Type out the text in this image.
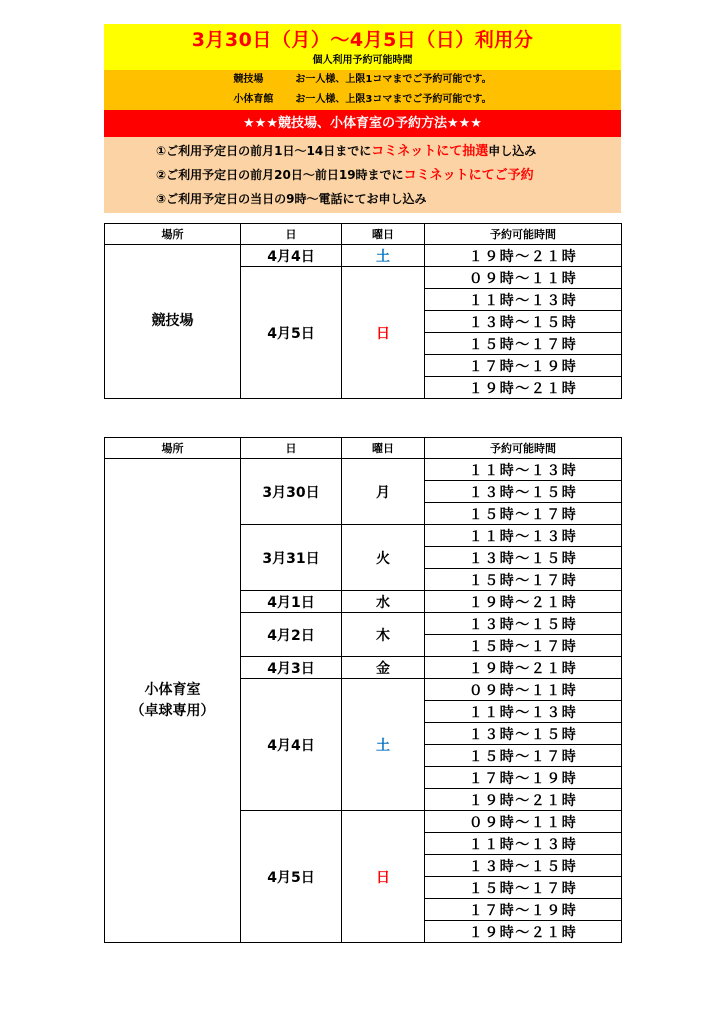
3月30日（月）～4月5日（日）利用分
個人利用予約可能時間
競技場	お一人様、上限1コマまでご予約可能です。
小体育館 お一人様、上限3コマまでご予約可能です。
★★★競技場、小体育室の予約方法★★★
①ご利用予定日の前月1日～14日までにコミネットにて抽選申し込み
②ご利用予定日の前月20日～前日19時までにコミネットにてご予約
③ご利用予定日の当日の9時～電話にてお申し込み
場所	日	曜日	予約可能時間
競技場	4月4日	土	１９時～２１時
	4月5日	日	０９時～１１時
			１１時～１３時
			１３時～１５時
			１５時～１７時
			１７時～１９時
			１９時～２１時
場所	日	曜日	予約可能時間
小体育室
（卓球専用）	3月30日	月	１１時～１３時
			１３時～１５時
			１５時～１７時
	3月31日	火	１１時～１３時
			１３時～１５時
			１５時～１７時
	4月1日	水	１９時～２１時
	4月2日	木	１３時～１５時
			１５時～１７時
	4月3日	金	１９時～２１時
	4月4日	土	０９時～１１時
			１１時～１３時
			１３時～１５時
			１５時～１７時
			１７時～１９時
			１９時～２１時
	4月5日	日	０９時～１１時
			１１時～１３時
			１３時～１５時
			１５時～１７時
			１７時～１９時
			１９時～２１時
